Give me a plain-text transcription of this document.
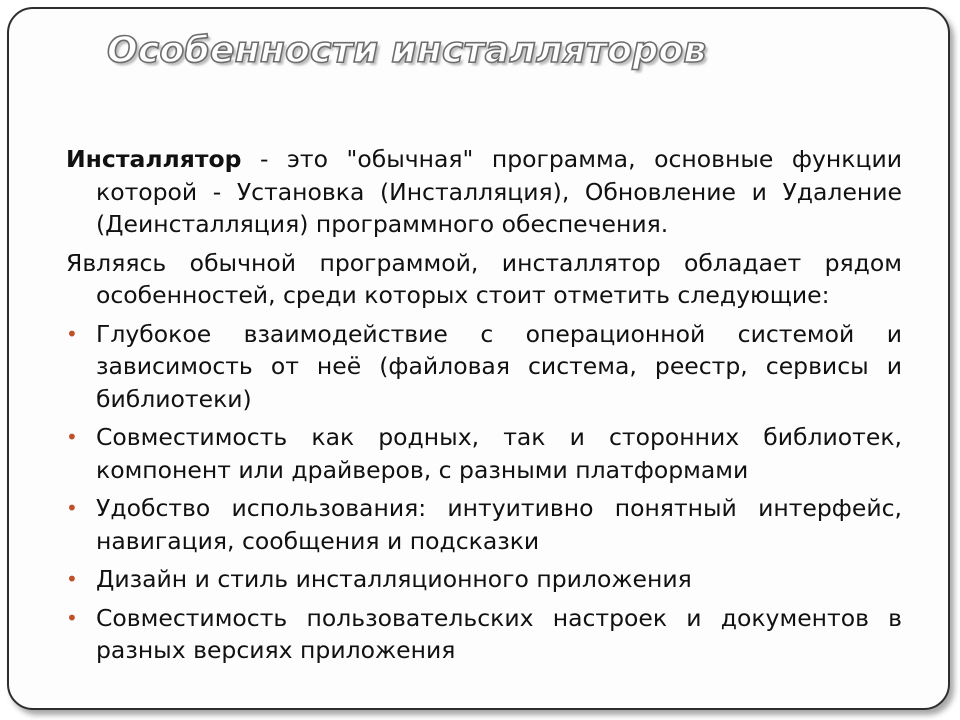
Особенности инсталляторов

Инсталлятор - это "обычная" программа, основные функции которой - Установка (Инсталляция), Обновление и Удаление (Деинсталляция) программного обеспечения.

Являясь обычной программой, инсталлятор обладает рядом особенностей, среди которых стоит отметить следующие:

• Глубокое взаимодействие с операционной системой и зависимость от неё (файловая система, реестр, сервисы и библиотеки)
• Совместимость как родных, так и сторонних библиотек, компонент или драйверов, с разными платформами
• Удобство использования: интуитивно понятный интерфейс, навигация, сообщения и подсказки
• Дизайн и стиль инсталляционного приложения
• Совместимость пользовательских настроек и документов в разных версиях приложения
